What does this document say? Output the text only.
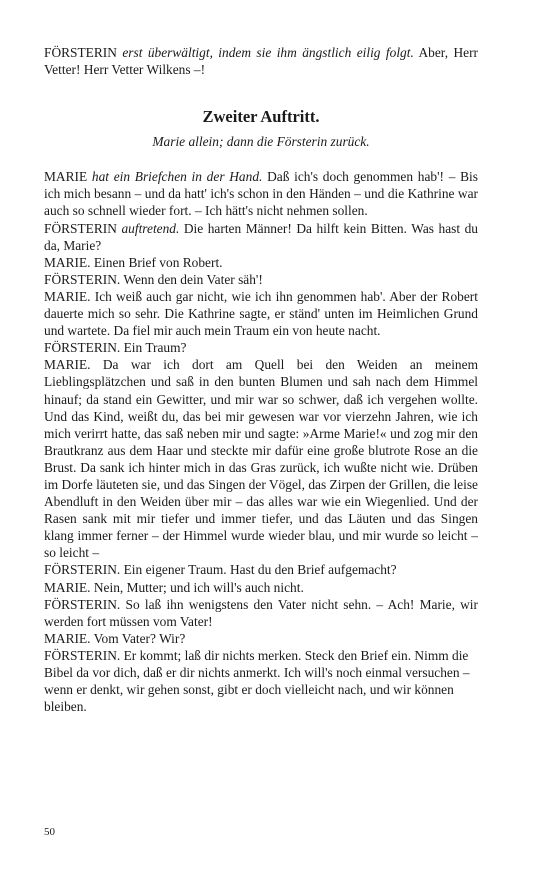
FÖRSTERIN erst überwältigt, indem sie ihm ängstlich eilig folgt. Aber, Herr Vetter! Herr Vetter Wilkens –!

Zweiter Auftritt.
Marie allein; dann die Försterin zurück.

MARIE hat ein Briefchen in der Hand. Daß ich's doch genommen hab'! – Bis ich mich besann – und da hatt' ich's schon in den Händen – und die Kathrine war auch so schnell wieder fort. – Ich hätt's nicht nehmen sollen.

FÖRSTERIN auftretend. Die harten Männer! Da hilft kein Bitten. Was hast du da, Marie?

MARIE. Einen Brief von Robert.

FÖRSTERIN. Wenn den dein Vater säh'!

MARIE. Ich weiß auch gar nicht, wie ich ihn genommen hab'. Aber der Robert dauerte mich so sehr. Die Kathrine sagte, er ständ' unten im Heimlichen Grund und wartete. Da fiel mir auch mein Traum ein von heute nacht.

FÖRSTERIN. Ein Traum?

MARIE. Da war ich dort am Quell bei den Weiden an meinem Lieblingsplätzchen und saß in den bunten Blumen und sah nach dem Himmel hinauf; da stand ein Gewitter, und mir war so schwer, daß ich vergehen wollte. Und das Kind, weißt du, das bei mir gewesen war vor vierzehn Jahren, wie ich mich verirrt hatte, das saß neben mir und sagte: »Arme Marie!« und zog mir den Brautkranz aus dem Haar und steckte mir dafür eine große blutrote Rose an die Brust. Da sank ich hinter mich in das Gras zurück, ich wußte nicht wie. Drüben im Dorfe läuteten sie, und das Singen der Vögel, das Zirpen der Grillen, die leise Abendluft in den Weiden über mir – das alles war wie ein Wiegenlied. Und der Rasen sank mit mir tiefer und immer tiefer, und das Läuten und das Singen klang immer ferner – der Himmel wurde wieder blau, und mir wurde so leicht – so leicht –

FÖRSTERIN. Ein eigener Traum. Hast du den Brief aufgemacht?

MARIE. Nein, Mutter; und ich will's auch nicht.

FÖRSTERIN. So laß ihn wenigstens den Vater nicht sehn. – Ach! Marie, wir werden fort müssen vom Vater!

MARIE. Vom Vater? Wir?

FÖRSTERIN. Er kommt; laß dir nichts merken. Steck den Brief ein. Nimm die Bibel da vor dich, daß er dir nichts anmerkt. Ich will's noch einmal versuchen – wenn er denkt, wir gehen sonst, gibt er doch vielleicht nach, und wir können bleiben.

50
